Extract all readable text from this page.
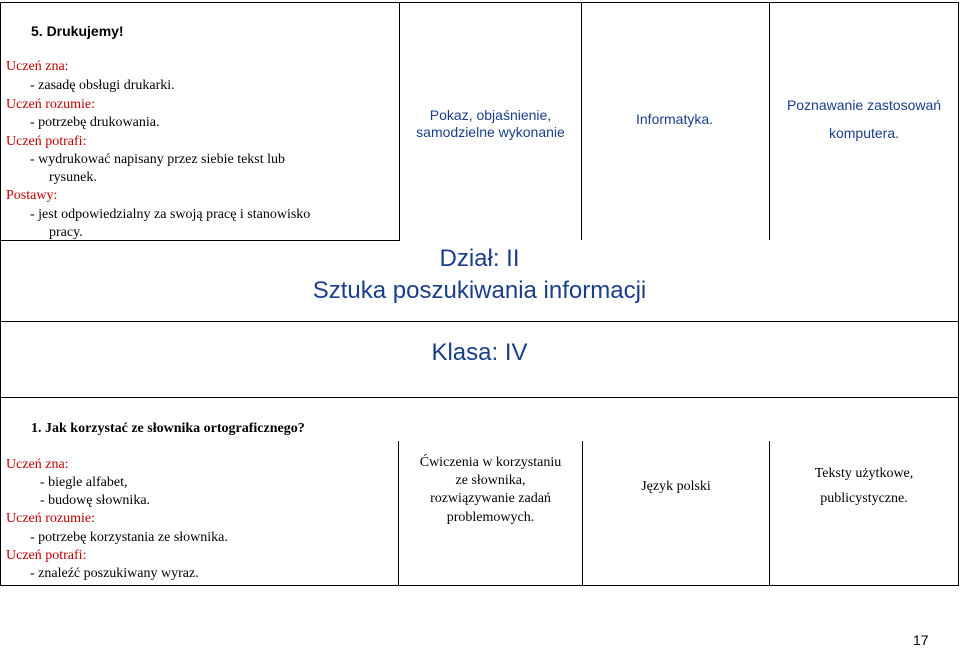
5. Drukujemy!
Uczeń zna:
- zasadę obsługi drukarki.
Uczeń rozumie:
- potrzebę drukowania.
Uczeń potrafi:
- wydrukować napisany przez siebie tekst lub
rysunek.
Postawy:
- jest odpowiedzialny za swoją pracę i stanowisko
pracy.
Pokaz, objaśnienie,
samodzielne wykonanie
Informatyka.
Poznawanie zastosowań
komputera.
Dział: II
Sztuka poszukiwania informacji
Klasa: IV
1. Jak korzystać ze słownika ortograficznego?
Uczeń zna:
- biegle alfabet,
- budowę słownika.
Uczeń rozumie:
- potrzebę korzystania ze słownika.
Uczeń potrafi:
- znaleźć poszukiwany wyraz.
Ćwiczenia w korzystaniu
ze słownika,
rozwiązywanie zadań
problemowych.
Język polski
Teksty użytkowe,
publicystyczne.
17
